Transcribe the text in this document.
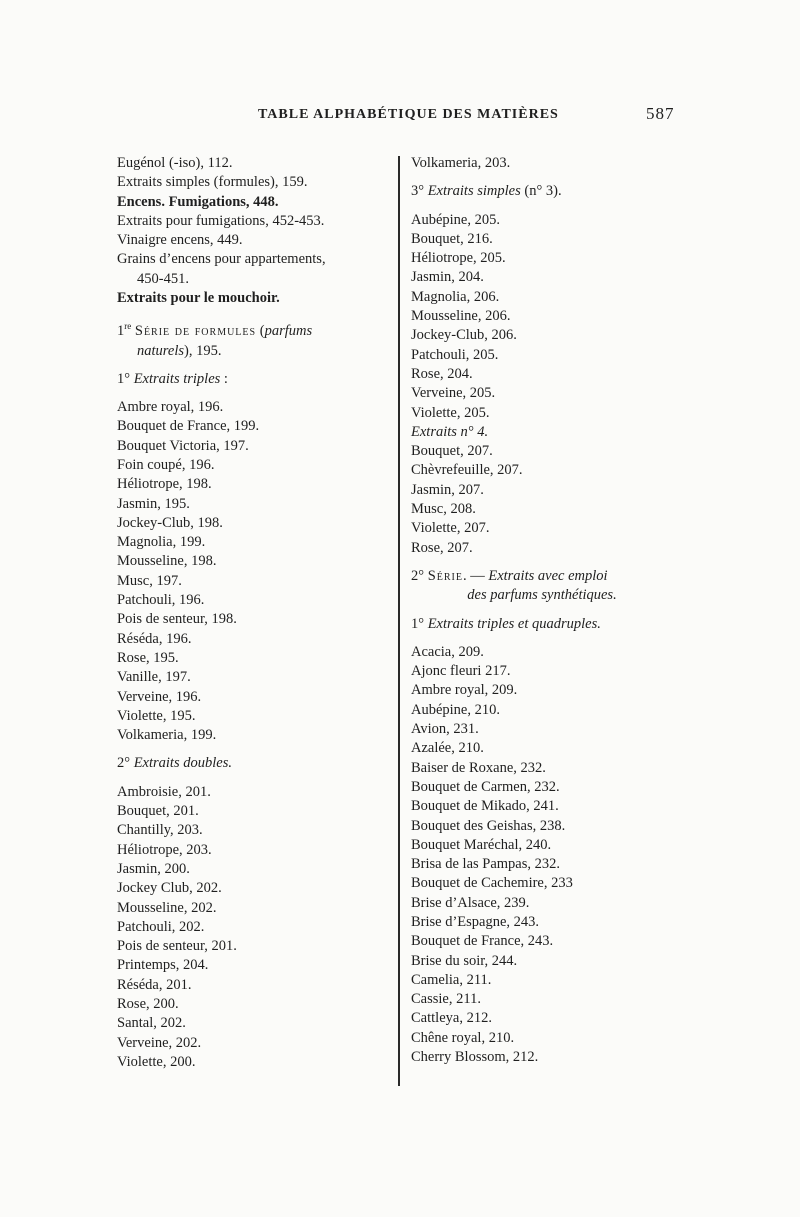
TABLE ALPHABÉTIQUE DES MATIÈRES	587
Eugénol (-iso), 112.
Extraits simples (formules), 159.
Encens. Fumigations, 448.
Extraits pour fumigations, 452-453.
Vinaigre encens, 449.
Grains d’encens pour appartements,
450-451.
Extraits pour le mouchoir.
1re Série de formules (parfums
naturels), 195.
1° Extraits triples :
Ambre royal, 196.
Bouquet de France, 199.
Bouquet Victoria, 197.
Foin coupé, 196.
Héliotrope, 198.
Jasmin, 195.
Jockey-Club, 198.
Magnolia, 199.
Mousseline, 198.
Musc, 197.
Patchouli, 196.
Pois de senteur, 198.
Réséda, 196.
Rose, 195.
Vanille, 197.
Verveine, 196.
Violette, 195.
Volkameria, 199.
2° Extraits doubles.
Ambroisie, 201.
Bouquet, 201.
Chantilly, 203.
Héliotrope, 203.
Jasmin, 200.
Jockey Club, 202.
Mousseline, 202.
Patchouli, 202.
Pois de senteur, 201.
Printemps, 204.
Réséda, 201.
Rose, 200.
Santal, 202.
Verveine, 202.
Violette, 200.
Volkameria, 203.
3° Extraits simples (n° 3).
Aubépine, 205.
Bouquet, 216.
Héliotrope, 205.
Jasmin, 204.
Magnolia, 206.
Mousseline, 206.
Jockey-Club, 206.
Patchouli, 205.
Rose, 204.
Verveine, 205.
Violette, 205.
Extraits n° 4.
Bouquet, 207.
Chèvrefeuille, 207.
Jasmin, 207.
Musc, 208.
Violette, 207.
Rose, 207.
2° Série. — Extraits avec emploi
des parfums synthétiques.
1° Extraits triples et quadruples.
Acacia, 209.
Ajonc fleuri 217.
Ambre royal, 209.
Aubépine, 210.
Avion, 231.
Azalée, 210.
Baiser de Roxane, 232.
Bouquet de Carmen, 232.
Bouquet de Mikado, 241.
Bouquet des Geishas, 238.
Bouquet Maréchal, 240.
Brisa de las Pampas, 232.
Bouquet de Cachemire, 233
Brise d’Alsace, 239.
Brise d’Espagne, 243.
Bouquet de France, 243.
Brise du soir, 244.
Camelia, 211.
Cassie, 211.
Cattleya, 212.
Chêne royal, 210.
Cherry Blossom, 212.
